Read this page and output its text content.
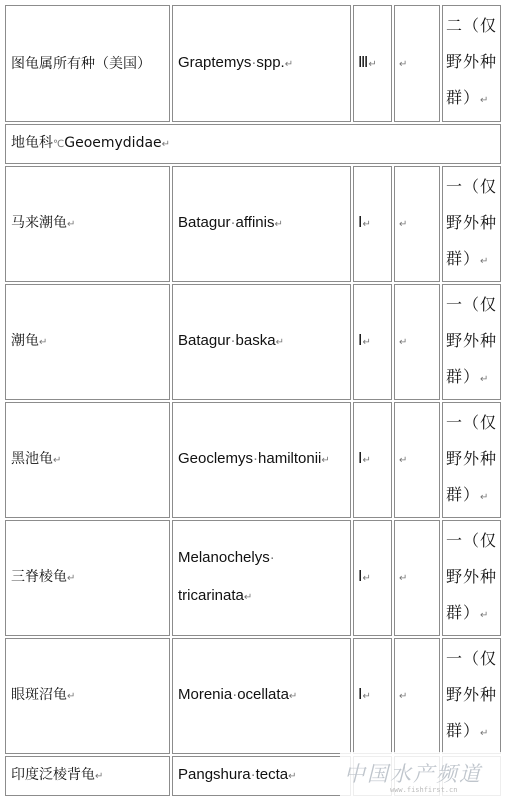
图龟属所有种（美国）	Graptemys·spp.↵	Ⅲ↵	↵	二（仅野外种群）↵
地龟科℃Geoemydidae↵				
马来潮龟↵	Batagur·affinis↵	Ⅰ↵	↵	一（仅野外种群）↵
潮龟↵	Batagur·baska↵	Ⅰ↵	↵	一（仅野外种群）↵
黑池龟↵	Geoclemys·hamiltonii↵	Ⅰ↵	↵	一（仅野外种群）↵
三脊棱龟↵	Melanochelys·
tricarinata↵	Ⅰ↵	↵	一（仅野外种群）↵
眼斑沼龟↵	Morenia·ocellata↵	Ⅰ↵	↵	一（仅野外种群）↵
印度泛棱背龟↵	Pangshura·tecta↵			中国水产频道
www.fishfirst.cn
